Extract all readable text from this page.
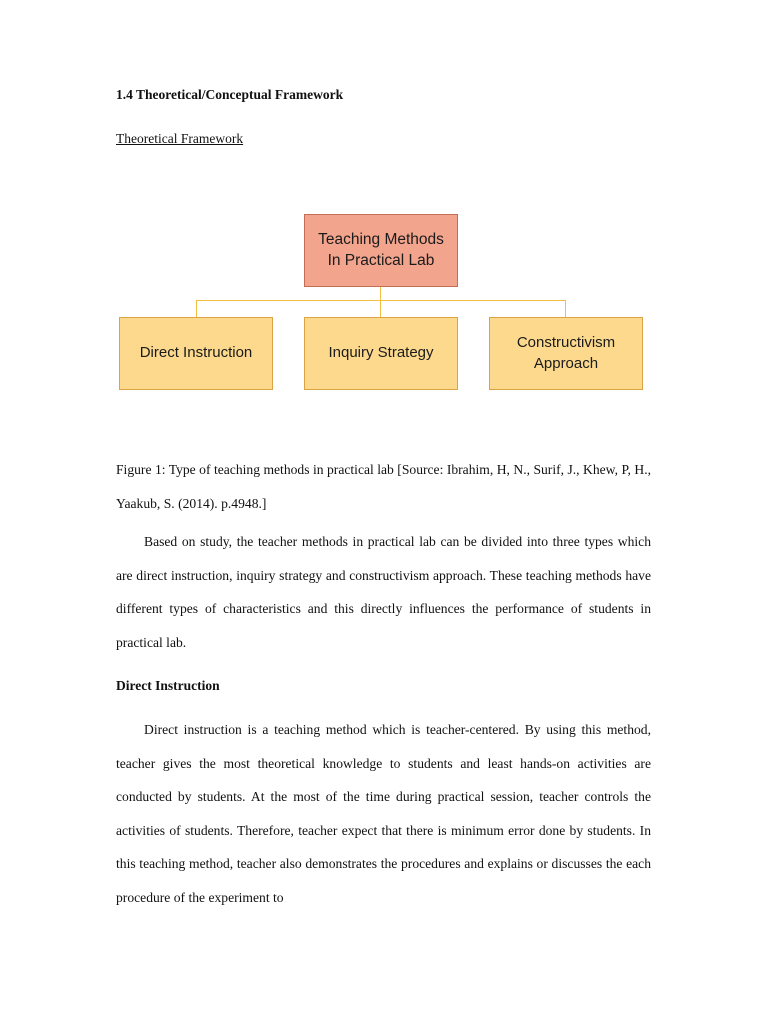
1.4 Theoretical/Conceptual Framework
Theoretical Framework
Teaching Methods
In Practical Lab
Direct Instruction	Inquiry Strategy
Constructivism
Approach

Figure 1: Type of teaching methods in practical lab [Source: Ibrahim, H, N., Surif, J., Khew, P, H., Yaakub, S. (2014). p.4948.]

Based on study, the teacher methods in practical lab can be divided into three types which are direct instruction, inquiry strategy and constructivism approach. These teaching methods have different types of characteristics and this directly influences the performance of students in practical lab.

Direct Instruction

Direct instruction is a teaching method which is teacher-centered. By using this method, teacher gives the most theoretical knowledge to students and least hands-on activities are conducted by students. At the most of the time during practical session, teacher controls the activities of students. Therefore, teacher expect that there is minimum error done by students. In this teaching method, teacher also demonstrates the procedures and explains or discusses the each procedure of the experiment to
